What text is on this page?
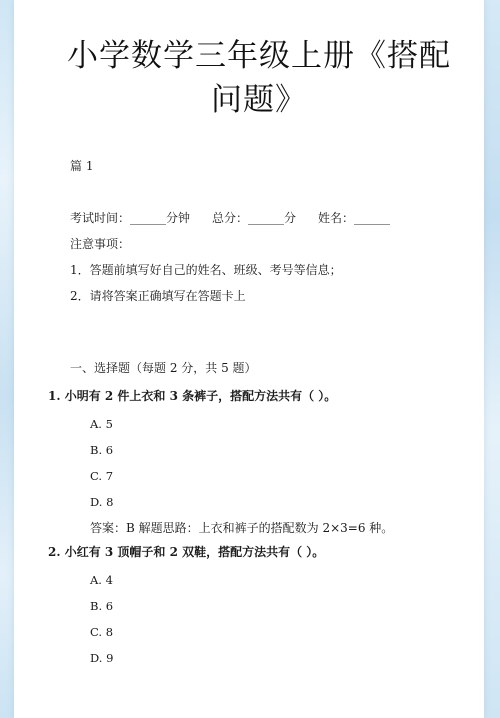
小学数学三年级上册《搭配问题》
篇 1
考试时间：______分钟 总分：______分 姓名：______
注意事项：
1．答题前填写好自己的姓名、班级、考号等信息；
2．请将答案正确填写在答题卡上
一、选择题（每题 2 分，共 5 题）
1. 小明有 2 件上衣和 3 条裤子，搭配方法共有（ ）。
A. 5
B. 6
C. 7
D. 8
答案：B 解题思路：上衣和裤子的搭配数为 2×3=6 种。
2. 小红有 3 顶帽子和 2 双鞋，搭配方法共有（ ）。
A. 4
B. 6
C. 8
D. 9
